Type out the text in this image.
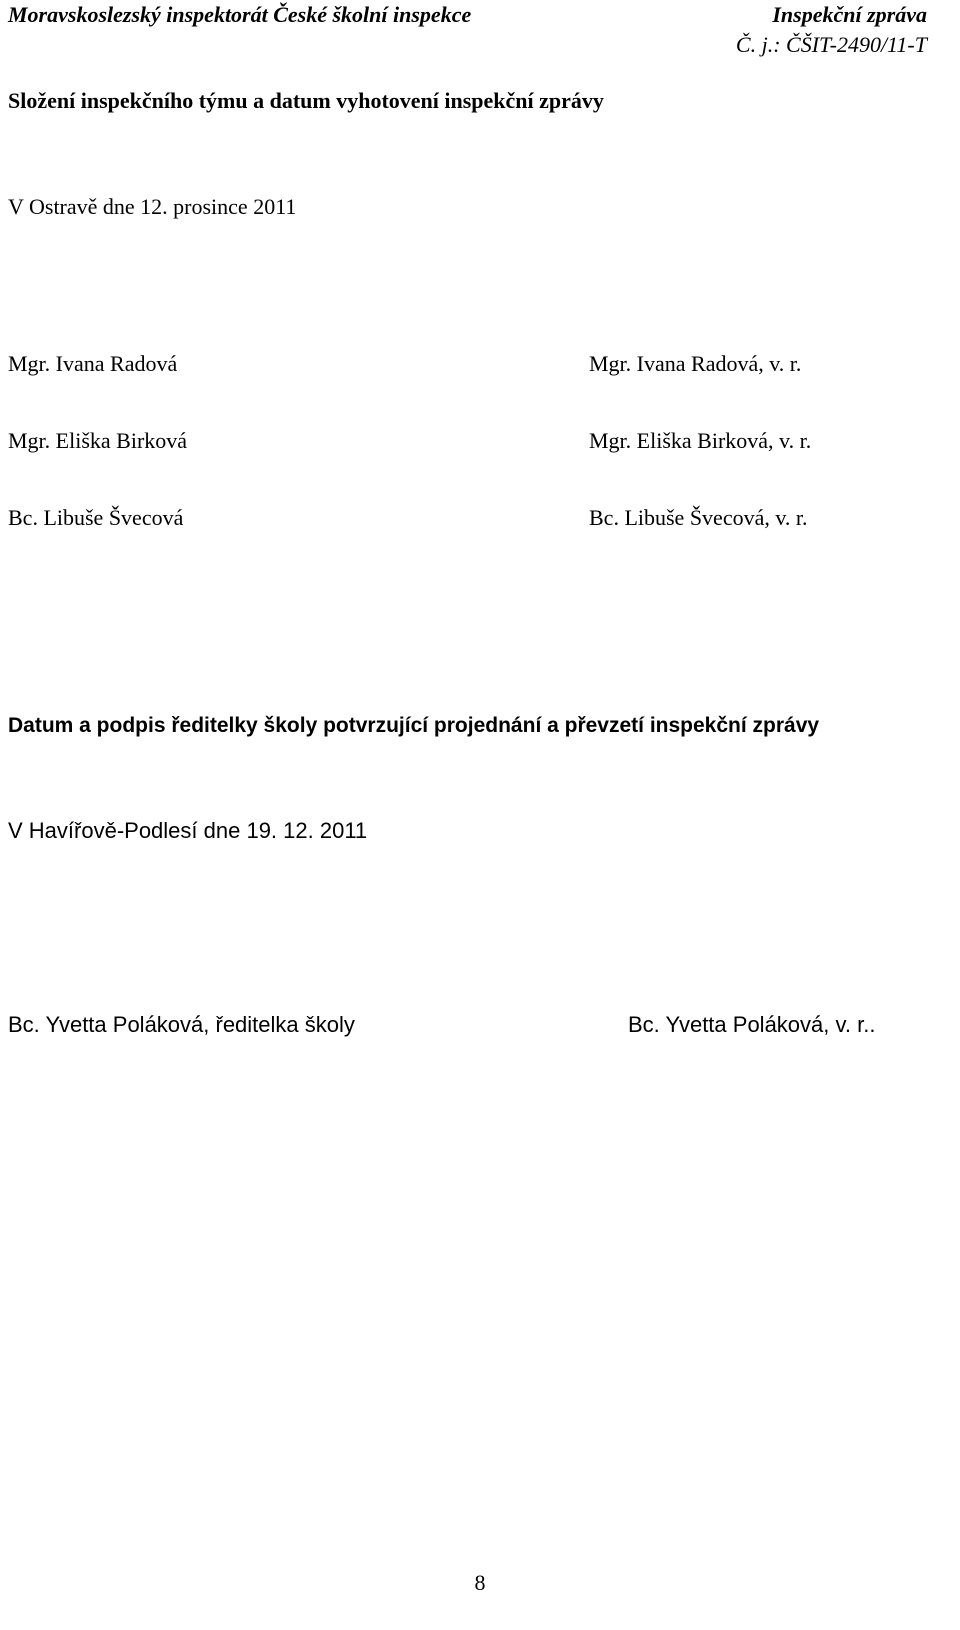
Moravskoslezský inspektorát České školní inspekce	Inspekční zpráva
Č. j.: ČŠIT-2490/11-T
Složení inspekčního týmu a datum vyhotovení inspekční zprávy
V Ostravě dne 12. prosince 2011
Mgr. Ivana Radová	Mgr. Ivana Radová, v. r.
Mgr. Eliška Birková	Mgr. Eliška Birková, v. r.
Bc. Libuše Švecová	Bc. Libuše Švecová, v. r.
Datum a podpis ředitelky školy potvrzující projednání a převzetí inspekční zprávy
V Havířově-Podlesí dne 19. 12. 2011
Bc. Yvetta Poláková, ředitelka školy	Bc. Yvetta Poláková, v. r..
8
